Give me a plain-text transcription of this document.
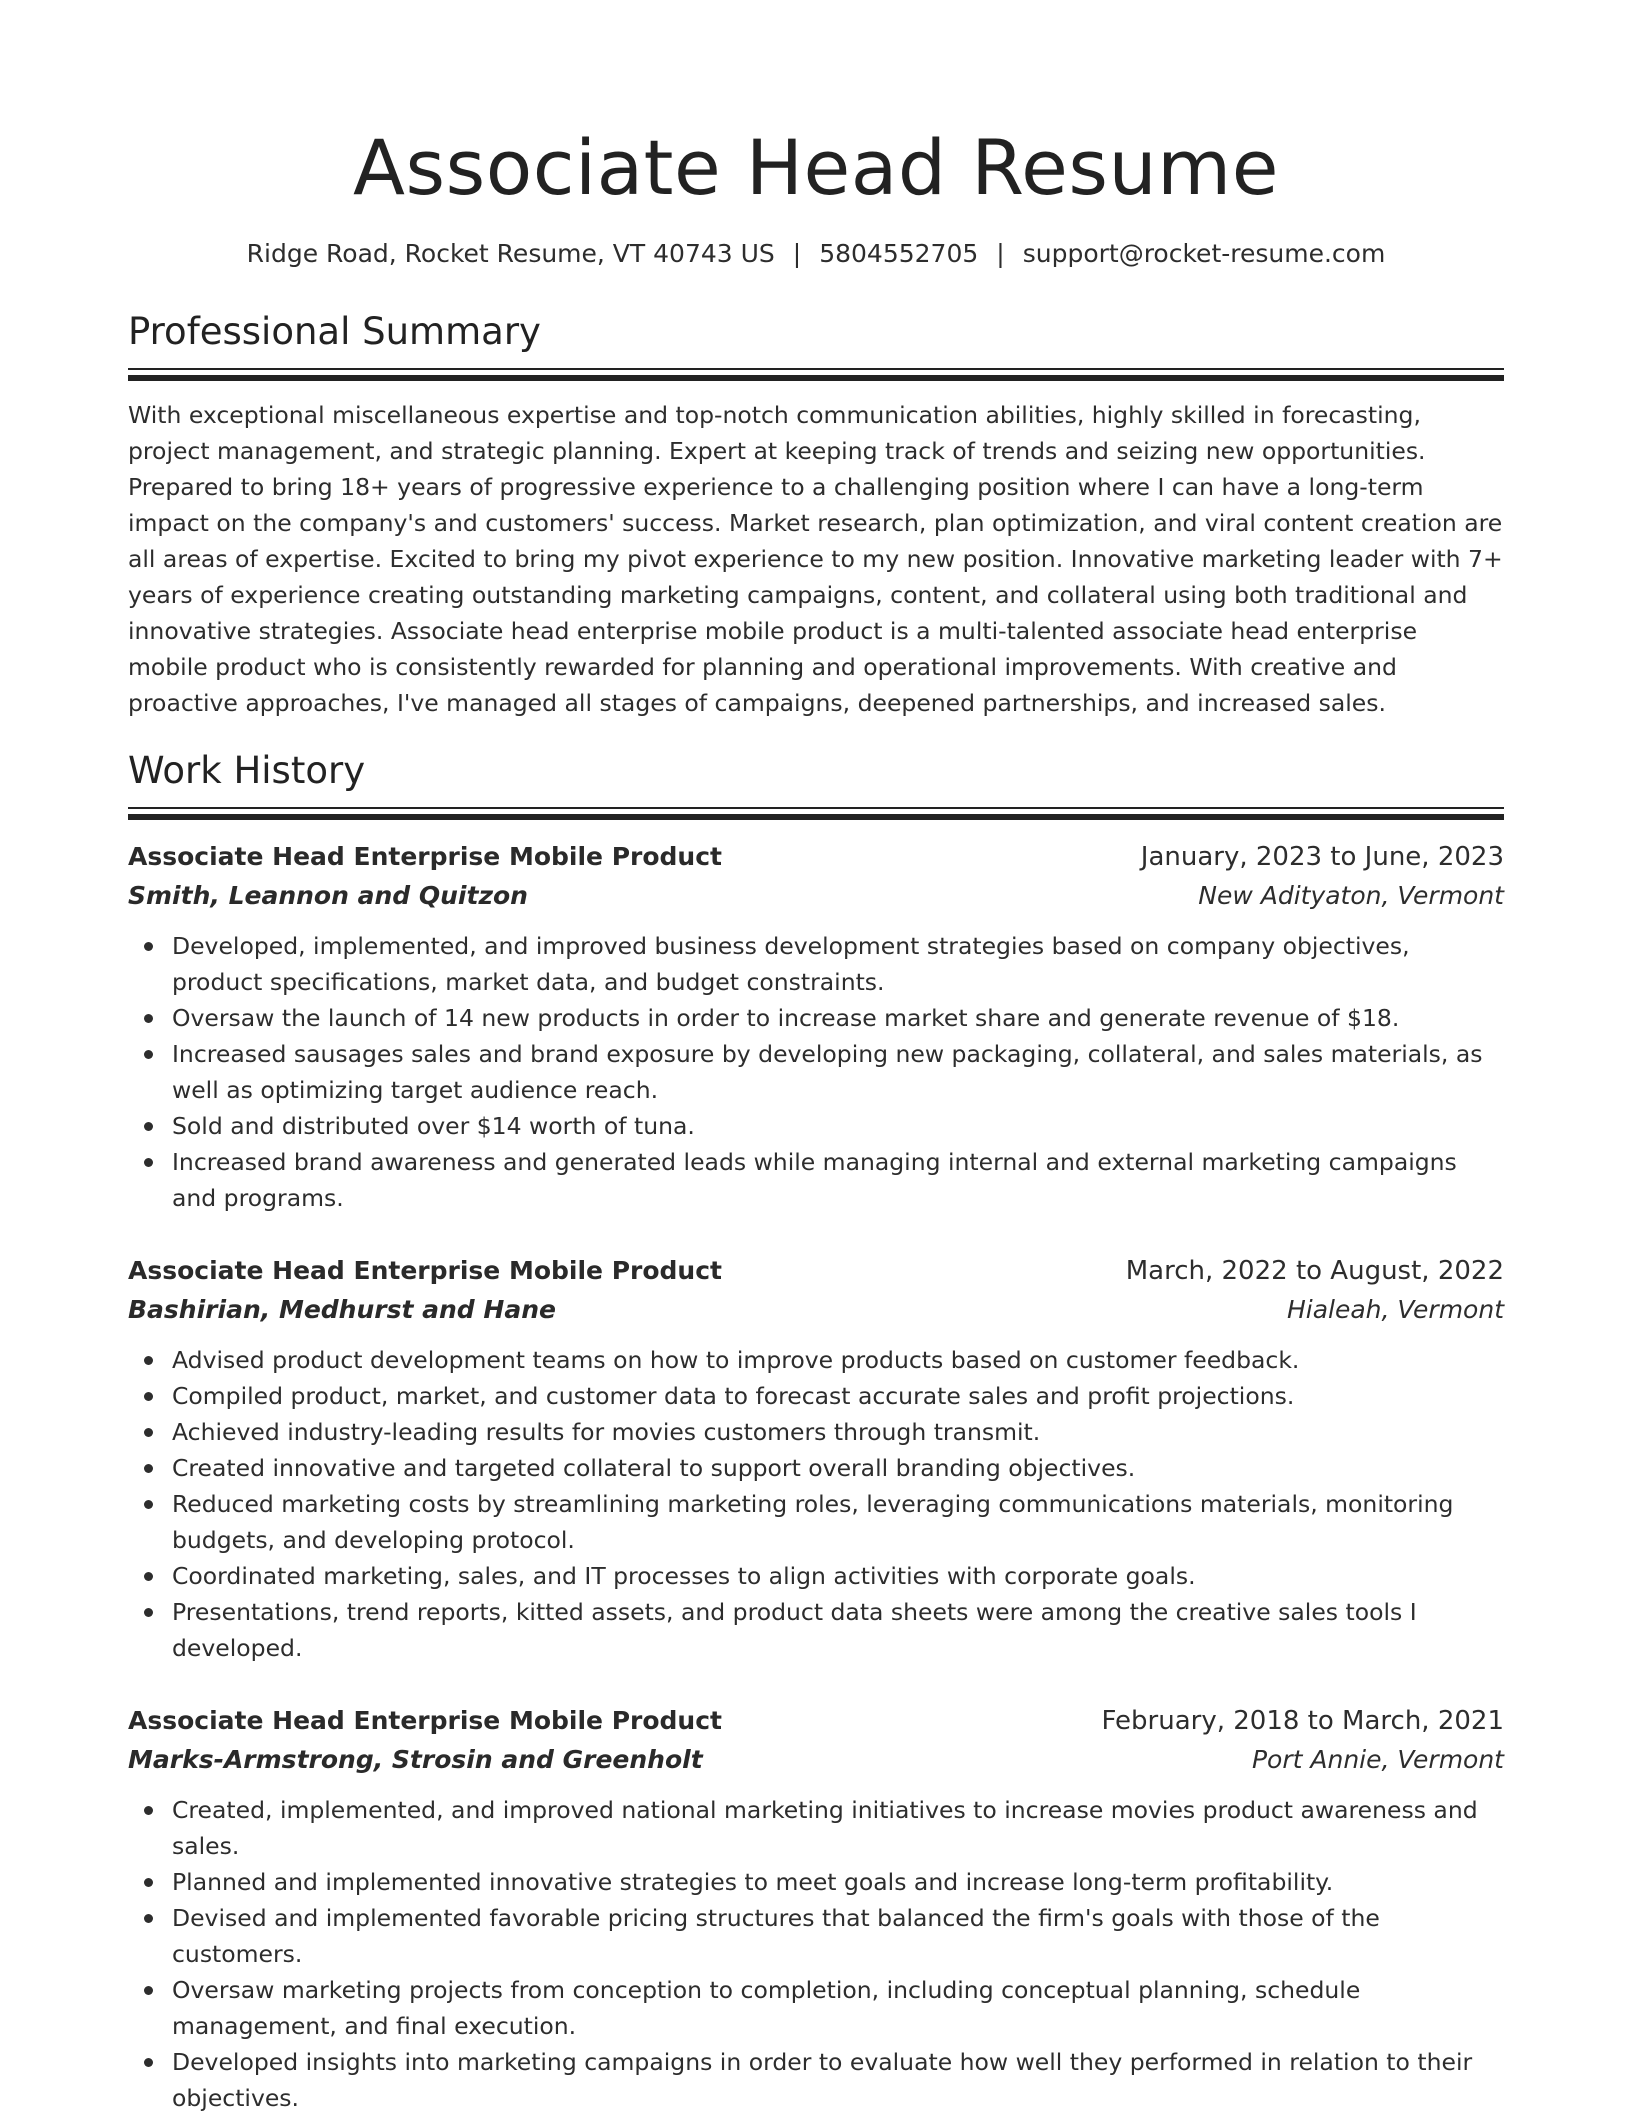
Associate Head Resume
Ridge Road, Rocket Resume, VT 40743 US | 5804552705 | support@rocket-resume.com
Professional Summary

With exceptional miscellaneous expertise and top-notch communication abilities, highly skilled in forecasting, project management, and strategic planning. Expert at keeping track of trends and seizing new opportunities. Prepared to bring 18+ years of progressive experience to a challenging position where I can have a long-term impact on the company's and customers' success. Market research, plan optimization, and viral content creation are all areas of expertise. Excited to bring my pivot experience to my new position. Innovative marketing leader with 7+ years of experience creating outstanding marketing campaigns, content, and collateral using both traditional and innovative strategies. Associate head enterprise mobile product is a multi-talented associate head enterprise mobile product who is consistently rewarded for planning and operational improvements. With creative and proactive approaches, I've managed all stages of campaigns, deepened partnerships, and increased sales.

Work History
Associate Head Enterprise Mobile Product	January, 2023 to June, 2023
Smith, Leannon and Quitzon	New Adityaton, Vermont
Developed, implemented, and improved business development strategies based on company objectives, product specifications, market data, and budget constraints.
Oversaw the launch of 14 new products in order to increase market share and generate revenue of $18.
Increased sausages sales and brand exposure by developing new packaging, collateral, and sales materials, as well as optimizing target audience reach.
Sold and distributed over $14 worth of tuna.
Increased brand awareness and generated leads while managing internal and external marketing campaigns and programs.
Associate Head Enterprise Mobile Product	March, 2022 to August, 2022
Bashirian, Medhurst and Hane	Hialeah, Vermont
Advised product development teams on how to improve products based on customer feedback.
Compiled product, market, and customer data to forecast accurate sales and profit projections.
Achieved industry-leading results for movies customers through transmit.
Created innovative and targeted collateral to support overall branding objectives.
Reduced marketing costs by streamlining marketing roles, leveraging communications materials, monitoring budgets, and developing protocol.
Coordinated marketing, sales, and IT processes to align activities with corporate goals.
Presentations, trend reports, kitted assets, and product data sheets were among the creative sales tools I developed.
Associate Head Enterprise Mobile Product	February, 2018 to March, 2021
Marks-Armstrong, Strosin and Greenholt	Port Annie, Vermont
Created, implemented, and improved national marketing initiatives to increase movies product awareness and sales.
Planned and implemented innovative strategies to meet goals and increase long-term profitability.
Devised and implemented favorable pricing structures that balanced the firm's goals with those of the customers.
Oversaw marketing projects from conception to completion, including conceptual planning, schedule management, and final execution.
Developed insights into marketing campaigns in order to evaluate how well they performed in relation to their objectives.
